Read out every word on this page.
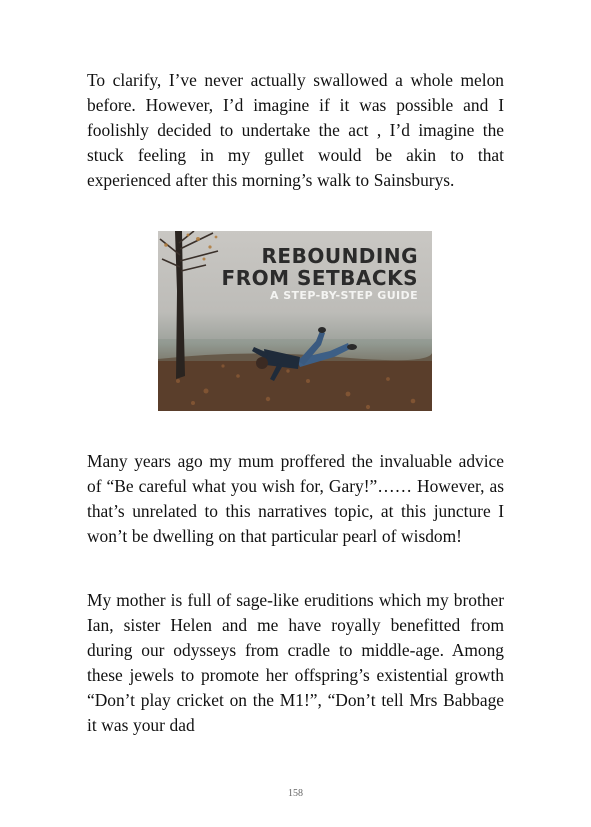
To clarify, I’ve never actually swallowed a whole melon before. However, I’d imagine if it was possible and I foolishly decided to undertake the act , I’d imagine the stuck feeling in my gullet would be akin to that experienced after this morning’s walk to Sainsburys.

REBOUNDING
FROM SETBACKS
A STEP-BY-STEP GUIDE

Many years ago my mum proffered the invaluable advice of “Be careful what you wish for, Gary!”…… However, as that’s unrelated to this narratives topic, at this juncture I won’t be dwelling on that particular pearl of wisdom!

My mother is full of sage-like eruditions which my brother Ian, sister Helen and me have royally benefitted from during our odysseys from cradle to middle-age. Among these jewels to promote her offspring’s existential growth “Don’t play cricket on the M1!”, “Don’t tell Mrs Babbage it was your dad

158
